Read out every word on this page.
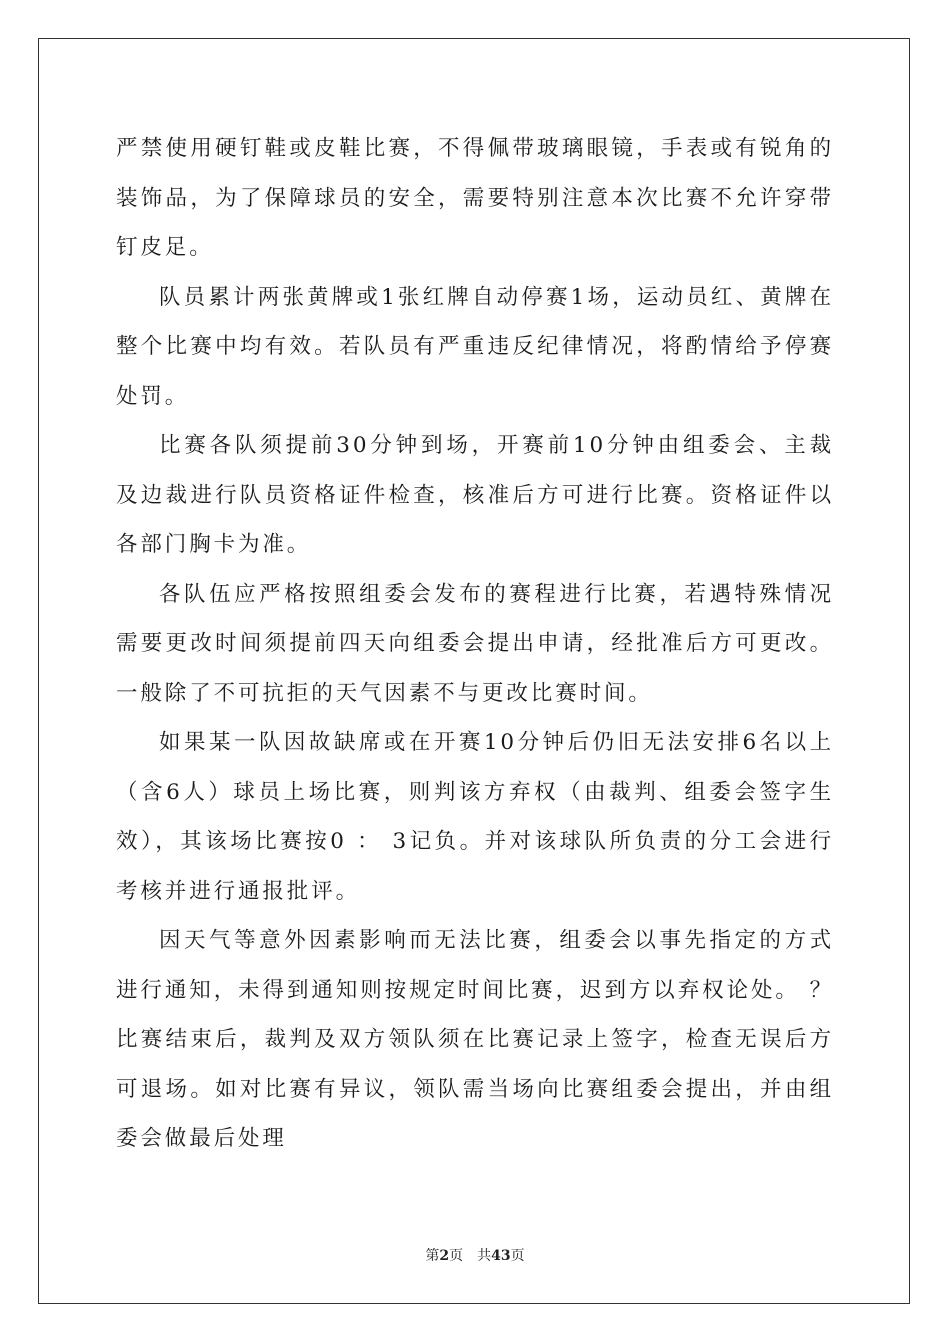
严禁使用硬钉鞋或皮鞋比赛，不得佩带玻璃眼镜，手表或有锐角的装饰品，为了保障球员的安全，需要特别注意本次比赛不允许穿带钉皮足。

队员累计两张黄牌或1张红牌自动停赛1场，运动员红、黄牌在整个比赛中均有效。若队员有严重违反纪律情况，将酌情给予停赛处罚。

比赛各队须提前30分钟到场，开赛前10分钟由组委会、主裁及边裁进行队员资格证件检查，核准后方可进行比赛。资格证件以各部门胸卡为准。

各队伍应严格按照组委会发布的赛程进行比赛，若遇特殊情况需要更改时间须提前四天向组委会提出申请，经批准后方可更改。一般除了不可抗拒的天气因素不与更改比赛时间。

如果某一队因故缺席或在开赛10分钟后仍旧无法安排6名以上（含6人）球员上场比赛，则判该方弃权（由裁判、组委会签字生效），其该场比赛按0 ： 3记负。并对该球队所负责的分工会进行考核并进行通报批评。

因天气等意外因素影响而无法比赛，组委会以事先指定的方式进行通知，未得到通知则按规定时间比赛，迟到方以弃权论处。 ？比赛结束后，裁判及双方领队须在比赛记录上签字，检查无误后方可退场。如对比赛有异议，领队需当场向比赛组委会提出，并由组委会做最后处理

第2页 共43页
